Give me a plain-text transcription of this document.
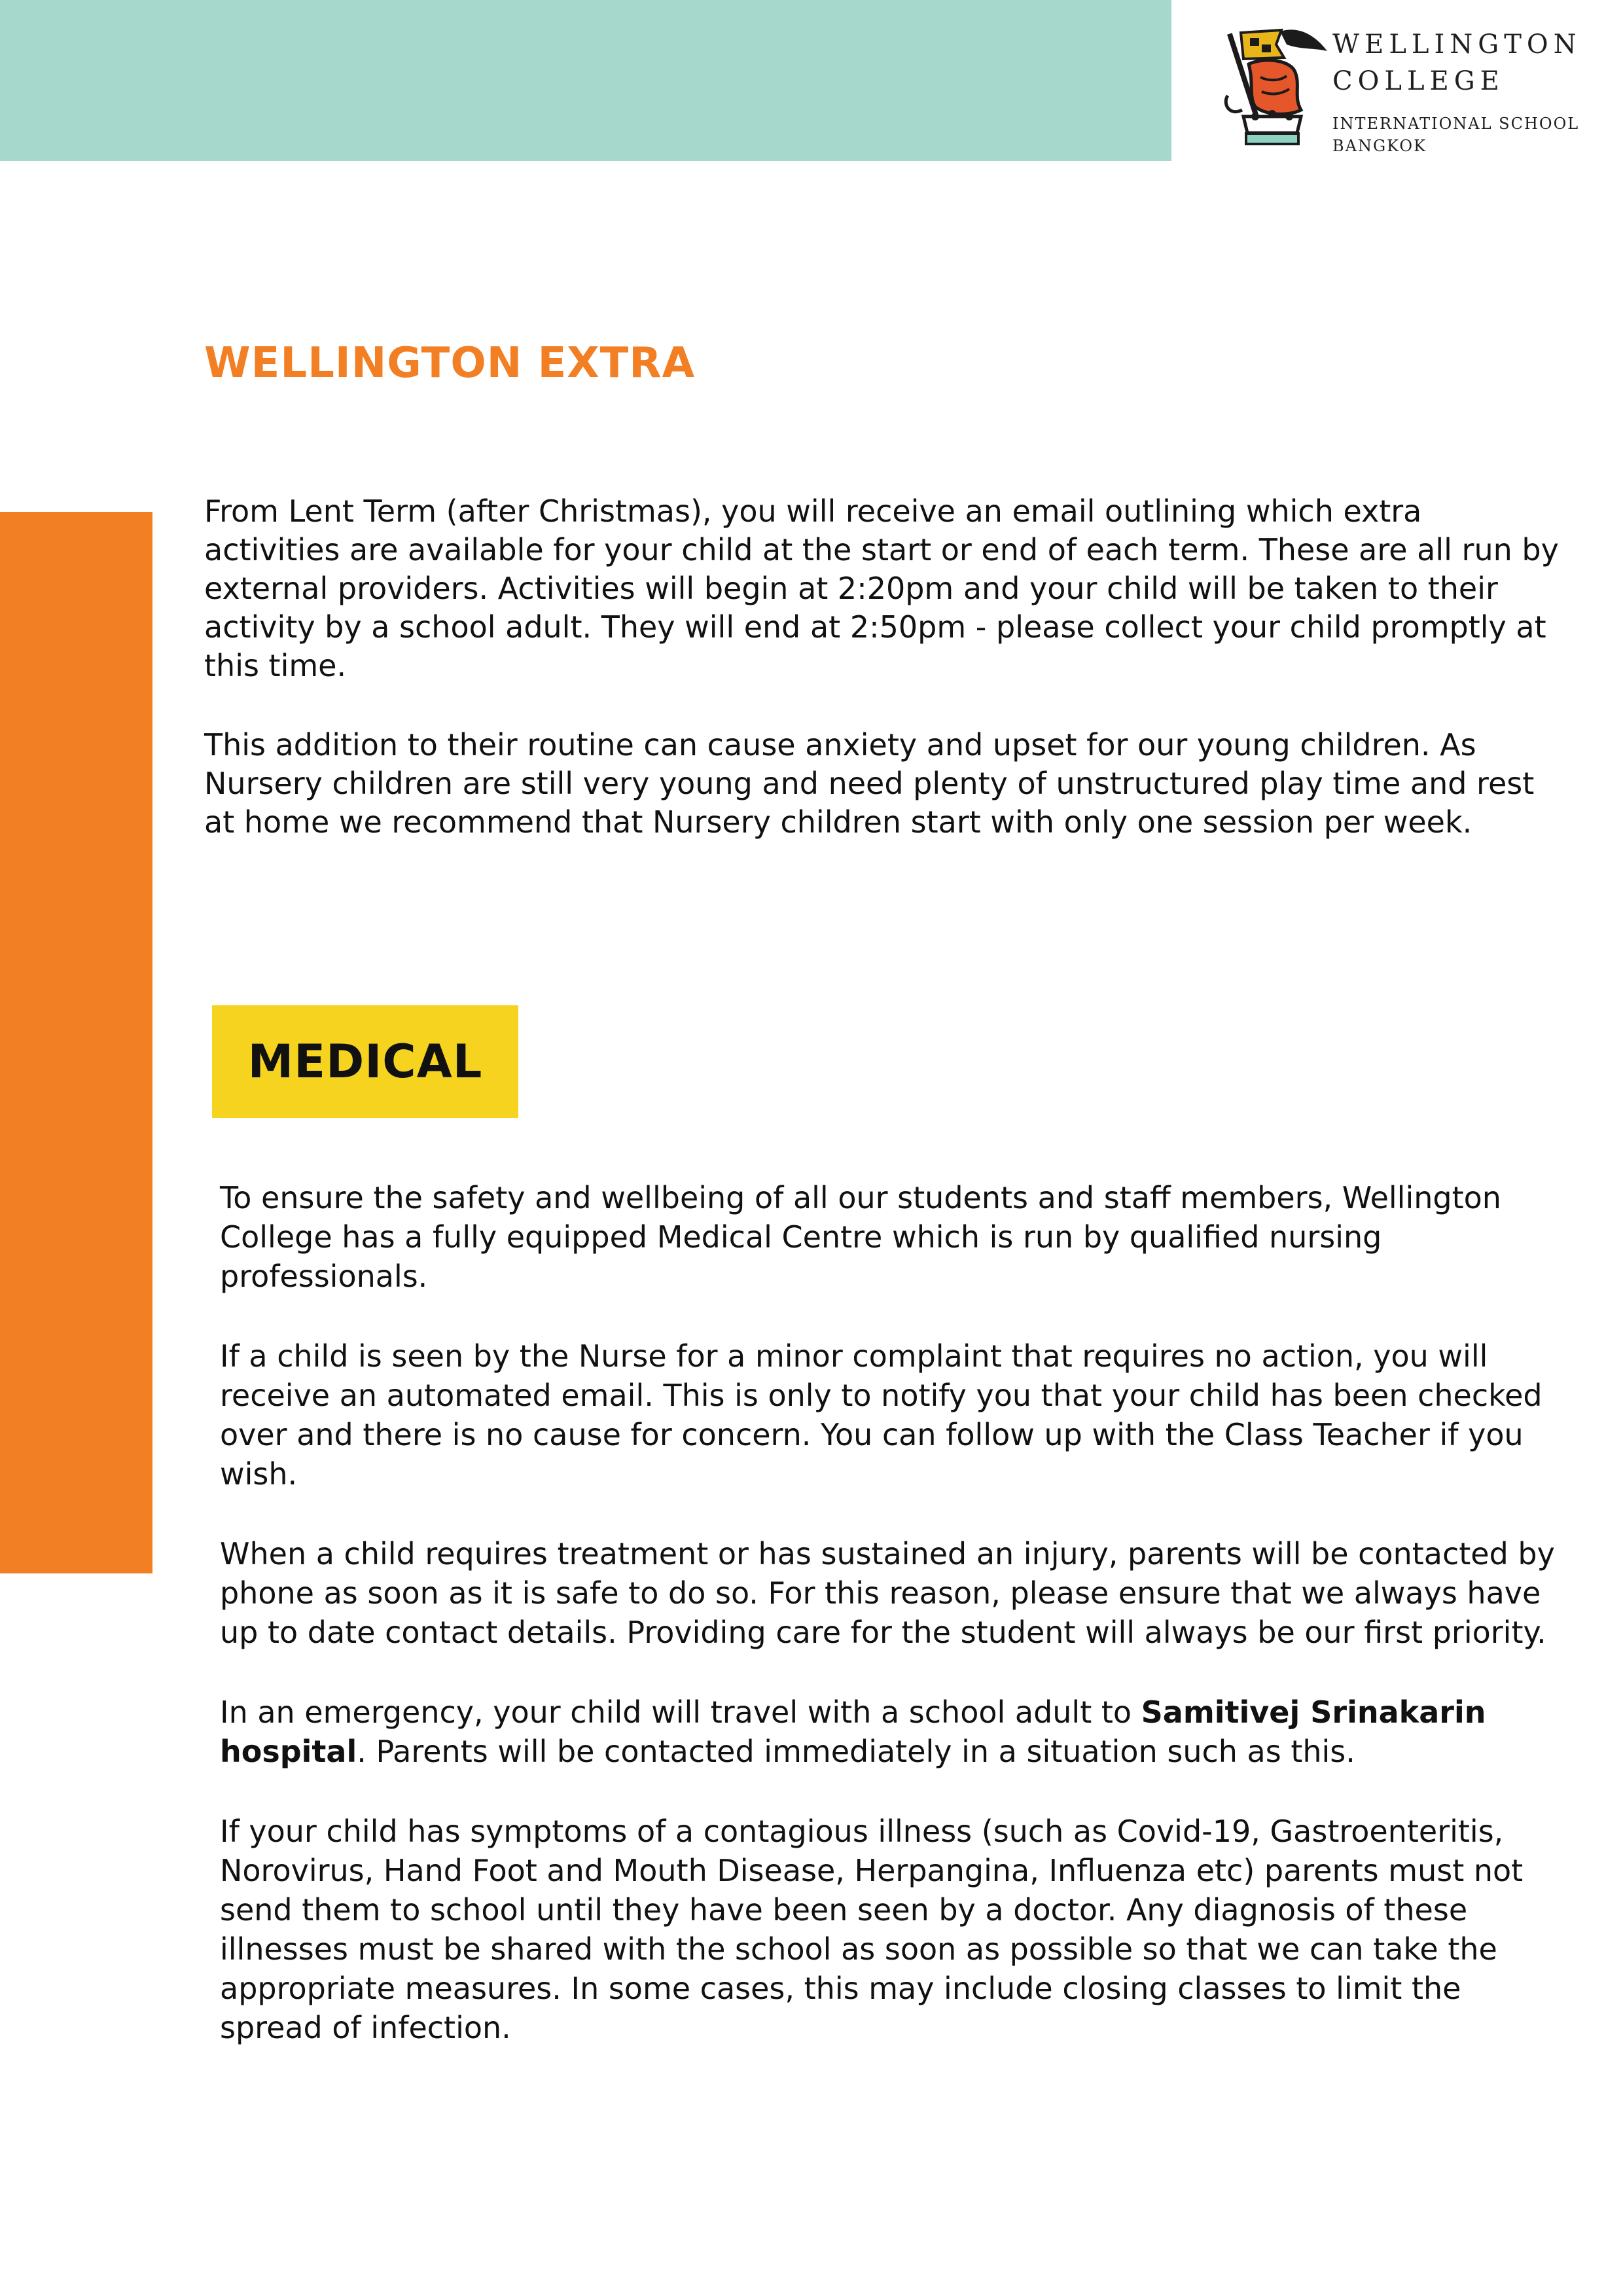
WELLINGTON
COLLEGE
INTERNATIONAL SCHOOL
BANGKOK
WELLINGTON EXTRA

From Lent Term (after Christmas), you will receive an email outlining which extra activities are available for your child at the start or end of each term. These are all run by external providers. Activities will begin at 2:20pm and your child will be taken to their activity by a school adult. They will end at 2:50pm - please collect your child promptly at this time.

This addition to their routine can cause anxiety and upset for our young children. As Nursery children are still very young and need plenty of unstructured play time and rest at home we recommend that Nursery children start with only one session per week.

MEDICAL

To ensure the safety and wellbeing of all our students and staff members, Wellington College has a fully equipped Medical Centre which is run by qualified nursing professionals.

If a child is seen by the Nurse for a minor complaint that requires no action, you will receive an automated email. This is only to notify you that your child has been checked over and there is no cause for concern. You can follow up with the Class Teacher if you wish.

When a child requires treatment or has sustained an injury, parents will be contacted by phone as soon as it is safe to do so. For this reason, please ensure that we always have up to date contact details. Providing care for the student will always be our first priority.

In an emergency, your child will travel with a school adult to Samitivej Srinakarin hospital. Parents will be contacted immediately in a situation such as this.

If your child has symptoms of a contagious illness (such as Covid-19, Gastroenteritis, Norovirus, Hand Foot and Mouth Disease, Herpangina, Influenza etc) parents must not send them to school until they have been seen by a doctor. Any diagnosis of these illnesses must be shared with the school as soon as possible so that we can take the appropriate measures. In some cases, this may include closing classes to limit the spread of infection.
